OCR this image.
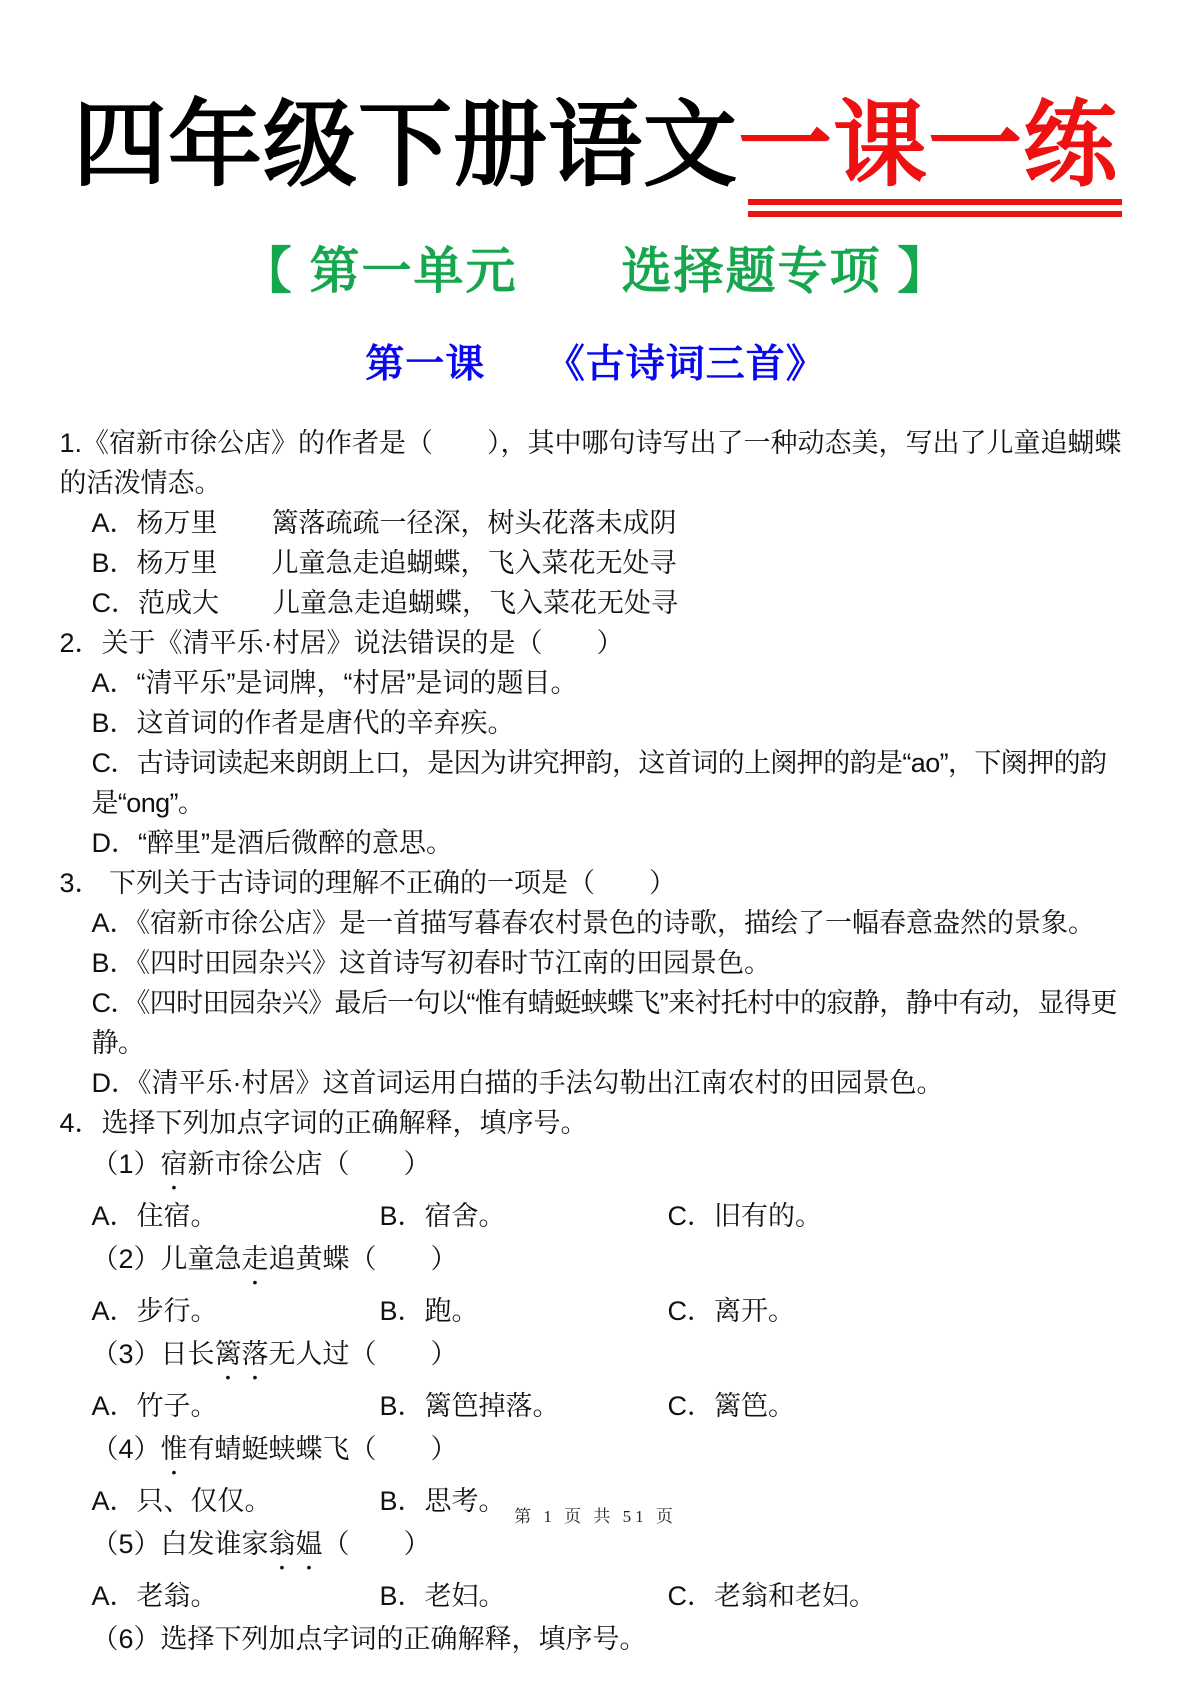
四年级下册语文一课一练
【 第一单元　　选择题专项 】
第一课　　《古诗词三首》

1.《宿新市徐公店》的作者是（　　），其中哪句诗写出了一种动态美，写出了儿童追蝴蝶的活泼情态。

A．杨万里　　篱落疏疏一径深，树头花落未成阴

B．杨万里　　儿童急走追蝴蝶，飞入菜花无处寻

C．范成大　　儿童急走追蝴蝶，飞入菜花无处寻

2．关于《清平乐·村居》说法错误的是（　　）

A．“清平乐”是词牌，“村居”是词的题目。

B．这首词的作者是唐代的辛弃疾。

C．古诗词读起来朗朗上口，是因为讲究押韵，这首词的上阕押的韵是“ao”，下阕押的韵是“ong”。

D．“醉里”是酒后微醉的意思。

3． 下列关于古诗词的理解不正确的一项是（　　）

A．《宿新市徐公店》是一首描写暮春农村景色的诗歌，描绘了一幅春意盎然的景象。

B．《四时田园杂兴》这首诗写初春时节江南的田园景色。

C．《四时田园杂兴》最后一句以“惟有蜻蜓蛱蝶飞”来衬托村中的寂静，静中有动，显得更静。

D．《清平乐·村居》这首词运用白描的手法勾勒出江南农村的田园景色。

4．选择下列加点字词的正确解释，填序号。

（1）宿新市徐公店（　　）

A．住宿。	B．宿舍。	C．旧有的。

（2）儿童急走追黄蝶（　　）

A．步行。	B．跑。	C．离开。

（3）日长篱落无人过（　　）

A．竹子。	B．篱笆掉落。	C．篱笆。

（4）惟有蜻蜓蛱蝶飞（　　）

A．只、仅仅。	B．思考。

（5）白发谁家翁媪（　　）

A．老翁。	B．老妇。	C．老翁和老妇。

（6）选择下列加点字词的正确解释，填序号。

第 1 页 共 51 页
